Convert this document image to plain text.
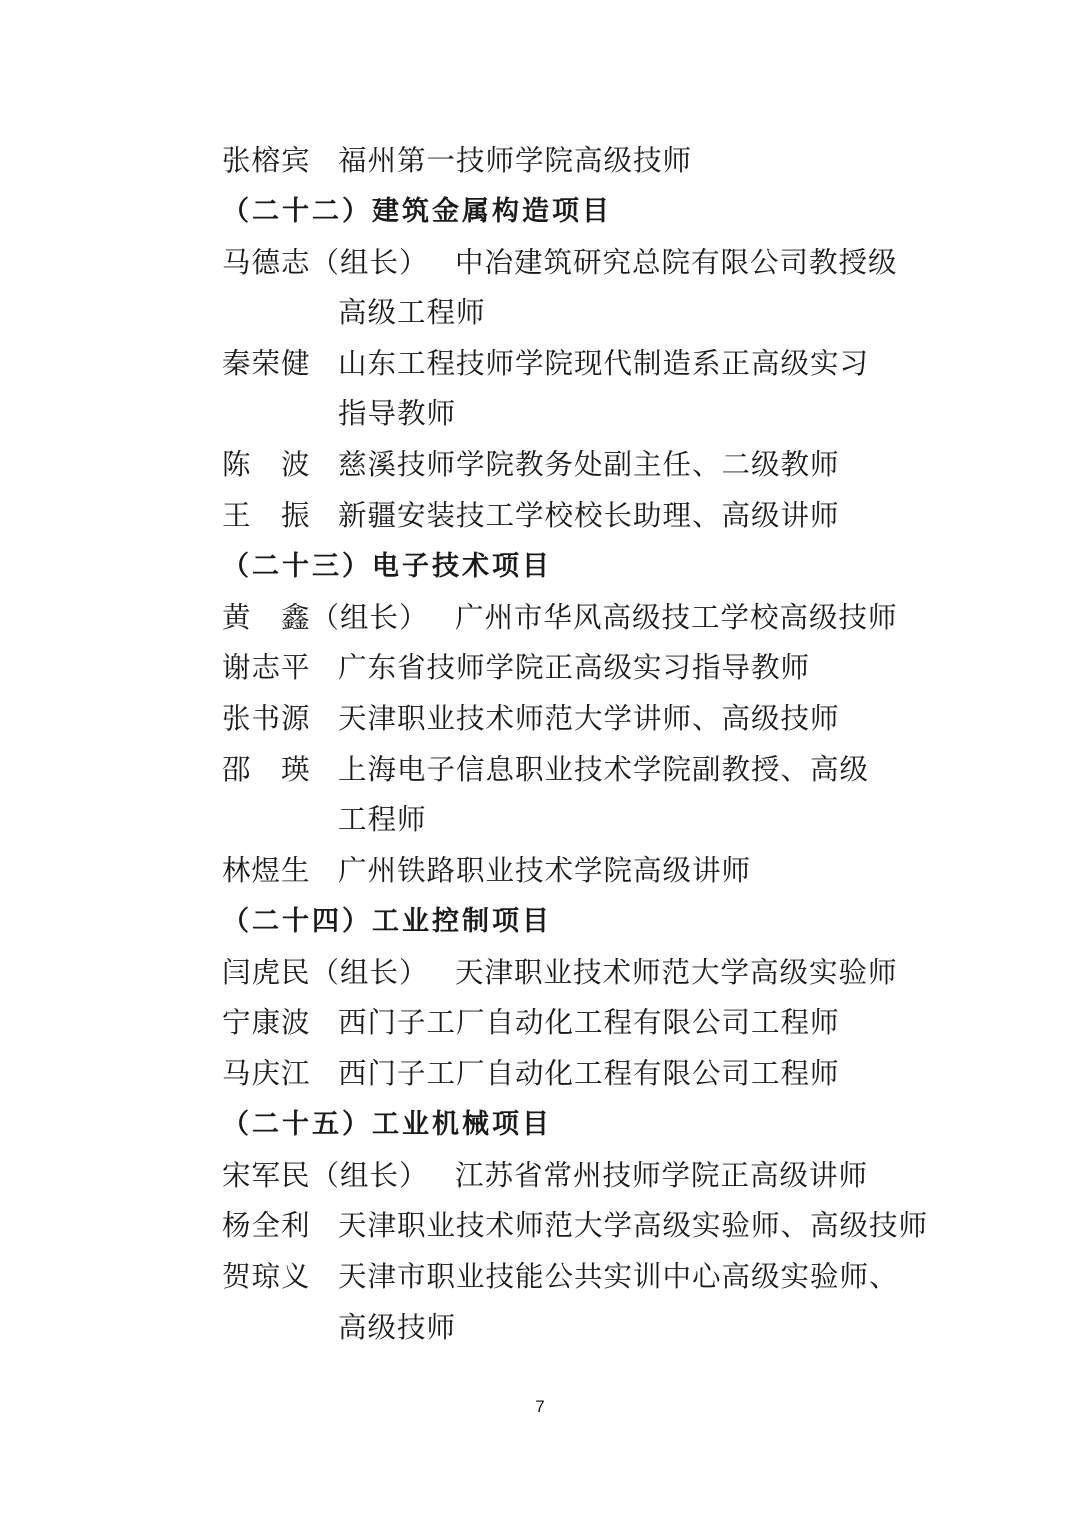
张榕宾 福州第一技师学院高级技师
（二十二）建筑金属构造项目
马德志（组长） 中冶建筑研究总院有限公司教授级
高级工程师
秦荣健 山东工程技师学院现代制造系正高级实习
指导教师
陈　波 慈溪技师学院教务处副主任、二级教师
王　振 新疆安装技工学校校长助理、高级讲师
（二十三）电子技术项目
黄　鑫（组长） 广州市华风高级技工学校高级技师
谢志平 广东省技师学院正高级实习指导教师
张书源 天津职业技术师范大学讲师、高级技师
邵　瑛 上海电子信息职业技术学院副教授、高级
工程师
林煜生 广州铁路职业技术学院高级讲师
（二十四）工业控制项目
闫虎民（组长） 天津职业技术师范大学高级实验师
宁康波 西门子工厂自动化工程有限公司工程师
马庆江 西门子工厂自动化工程有限公司工程师
（二十五）工业机械项目
宋军民（组长） 江苏省常州技师学院正高级讲师
杨全利 天津职业技术师范大学高级实验师、高级技师
贺琼义 天津市职业技能公共实训中心高级实验师、
高级技师
7
